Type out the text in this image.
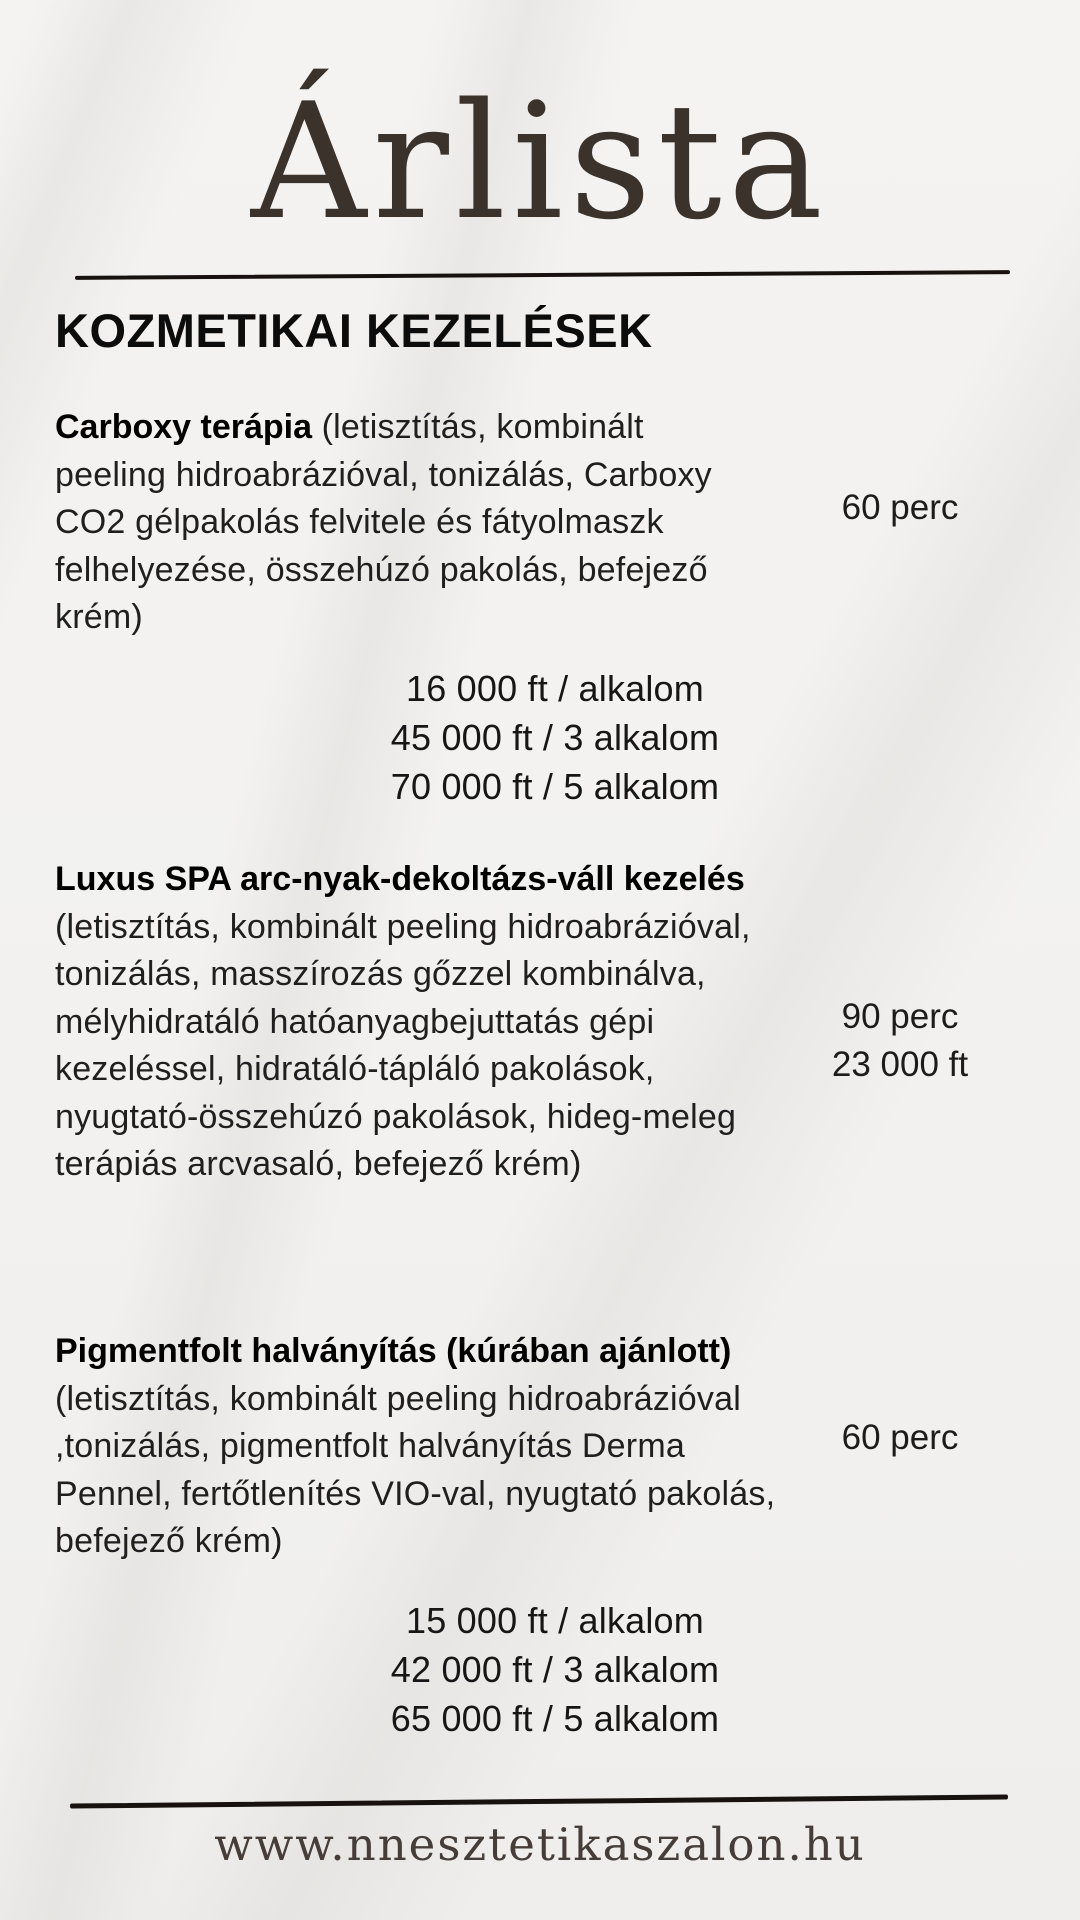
Árlista
KOZMETIKAI KEZELÉSEK

Carboxy terápia (letisztítás, kombinált peeling hidroabrázióval, tonizálás, Carboxy CO2 gélpakolás felvitele és fátyolmaszk felhelyezése, összehúzó pakolás, befejező krém)

60 perc
16 000 ft / alkalom
45 000 ft / 3 alkalom
70 000 ft / 5 alkalom

Luxus SPA arc-nyak-dekoltázs-váll kezelés (letisztítás, kombinált peeling hidroabrázióval, tonizálás, masszírozás gőzzel kombinálva, mélyhidratáló hatóanyagbejuttatás gépi kezeléssel, hidratáló-tápláló pakolások, nyugtató-összehúzó pakolások, hideg-meleg terápiás arcvasaló, befejező krém)

90 perc
23 000 ft

Pigmentfolt halványítás (kúrában ajánlott) (letisztítás, kombinált peeling hidroabrázióval ,tonizálás, pigmentfolt halványítás Derma Pennel, fertőtlenítés VIO-val, nyugtató pakolás, befejező krém)

60 perc
15 000 ft / alkalom
42 000 ft / 3 alkalom
65 000 ft / 5 alkalom
www.nnesztetikaszalon.hu
